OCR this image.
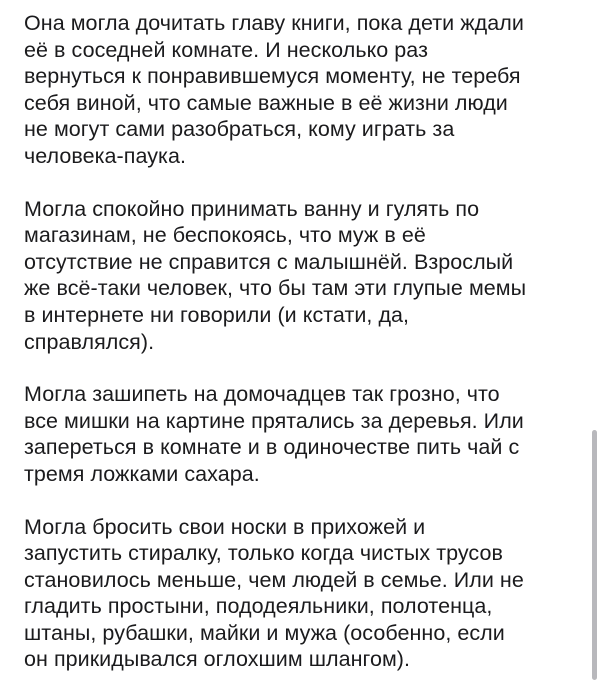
Она могла дочитать главу книги, пока дети ждали
её в соседней комнате. И несколько раз
вернуться к понравившемуся моменту, не теребя
себя виной, что самые важные в её жизни люди
не могут сами разобраться, кому играть за
человека-паука.

Могла спокойно принимать ванну и гулять по
магазинам, не беспокоясь, что муж в её
отсутствие не справится с малышнёй. Взрослый
же всё-таки человек, что бы там эти глупые мемы
в интернете ни говорили (и кстати, да,
справлялся).

Могла зашипеть на домочадцев так грозно, что
все мишки на картине прятались за деревья. Или
запереться в комнате и в одиночестве пить чай с
тремя ложками сахара.

Могла бросить свои носки в прихожей и
запустить стиралку, только когда чистых трусов
становилось меньше, чем людей в семье. Или не
гладить простыни, пододеяльники, полотенца,
штаны, рубашки, майки и мужа (особенно, если
он прикидывался оглохшим шлангом).
